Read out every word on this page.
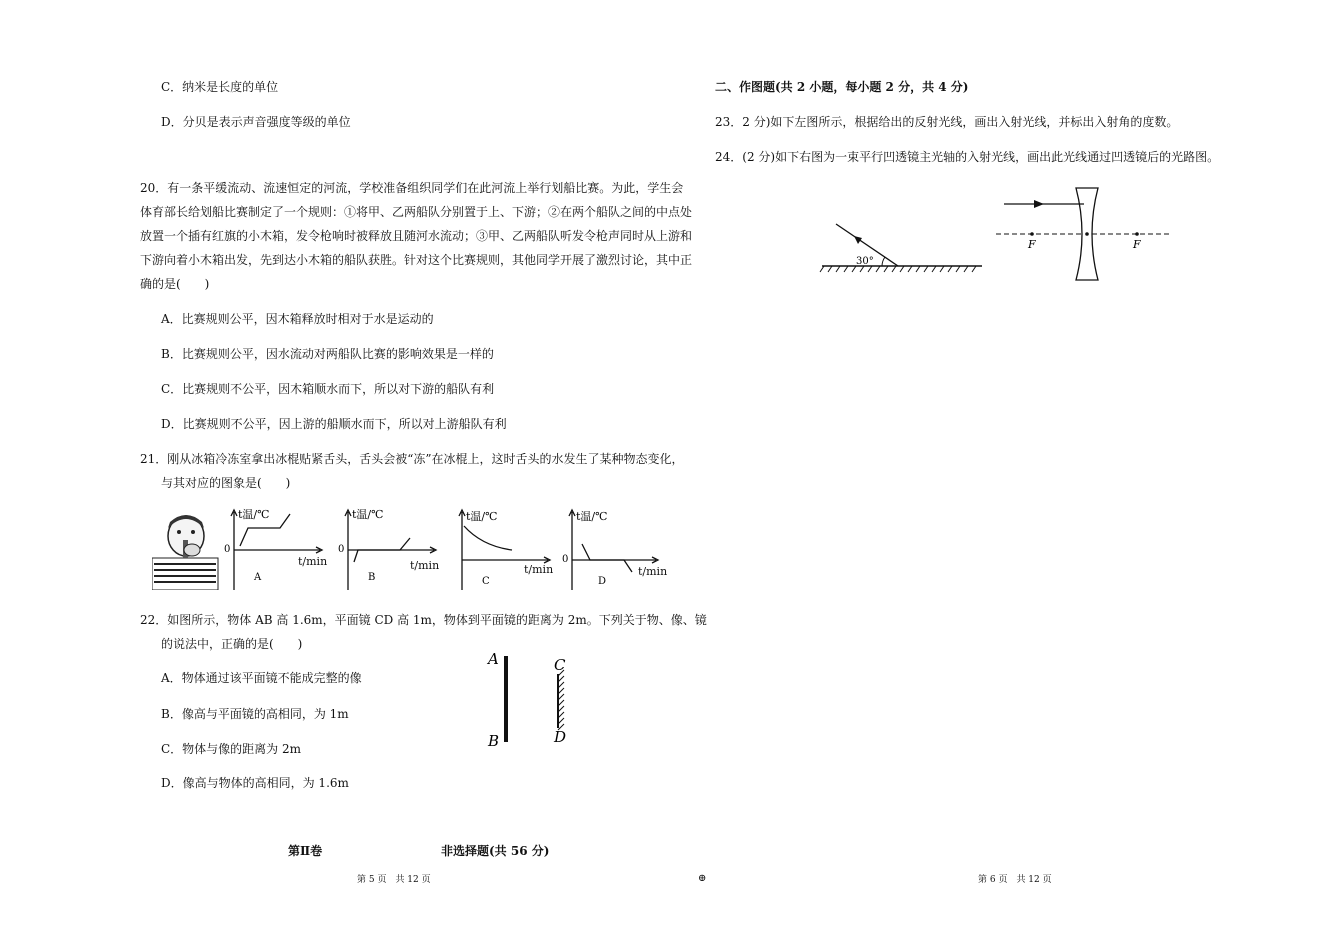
C．纳米是长度的单位
D．分贝是表示声音强度等级的单位
20．有一条平缓流动、流速恒定的河流，学校准备组织同学们在此河流上举行划船比赛。为此，学生会体育部长给划船比赛制定了一个规则：①将甲、乙两船队分别置于上、下游；②在两个船队之间的中点处放置一个插有红旗的小木箱，发令枪响时被释放且随河水流动；③甲、乙两船队听发令枪声同时从上游和下游向着小木箱出发，先到达小木箱的船队获胜。针对这个比赛规则，其他同学开展了激烈讨论，其中正确的是(　　)
A．比赛规则公平，因木箱释放时相对于水是运动的
B．比赛规则公平，因水流动对两船队比赛的影响效果是一样的
C．比赛规则不公平，因木箱顺水而下，所以对下游的船队有利
D．比赛规则不公平，因上游的船顺水而下，所以对上游船队有利
21．刚从冰箱冷冻室拿出冰棍贴紧舌头，舌头会被“冻”在冰棍上，这时舌头的水发生了某种物态变化，
与其对应的图象是(　　)
t温/℃
0
A
t/min
t温/℃
0
B
t/min
t温/℃
C
t/min
t温/℃
0
D
t/min
22．如图所示，物体 AB 高 1.6m，平面镜 CD 高 1m，物体到平面镜的距离为 2m。下列关于物、像、镜
的说法中，正确的是(　　)
A．物体通过该平面镜不能成完整的像
B．像高与平面镜的高相同，为 1m
C．物体与像的距离为 2m
D．像高与物体的高相同，为 1.6m
A
B
C
D
第Ⅱ卷	非选择题(共 56 分)
第 5 页　共 12 页	⊕
二、作图题(共 2 小题，每小题 2 分，共 4 分)
23．2 分)如下左图所示，根据给出的反射光线，画出入射光线，并标出入射角的度数。
24．(2 分)如下右图为一束平行凹透镜主光轴的入射光线，画出此光线通过凹透镜后的光路图。
30°
F	F
第 6 页　共 12 页
